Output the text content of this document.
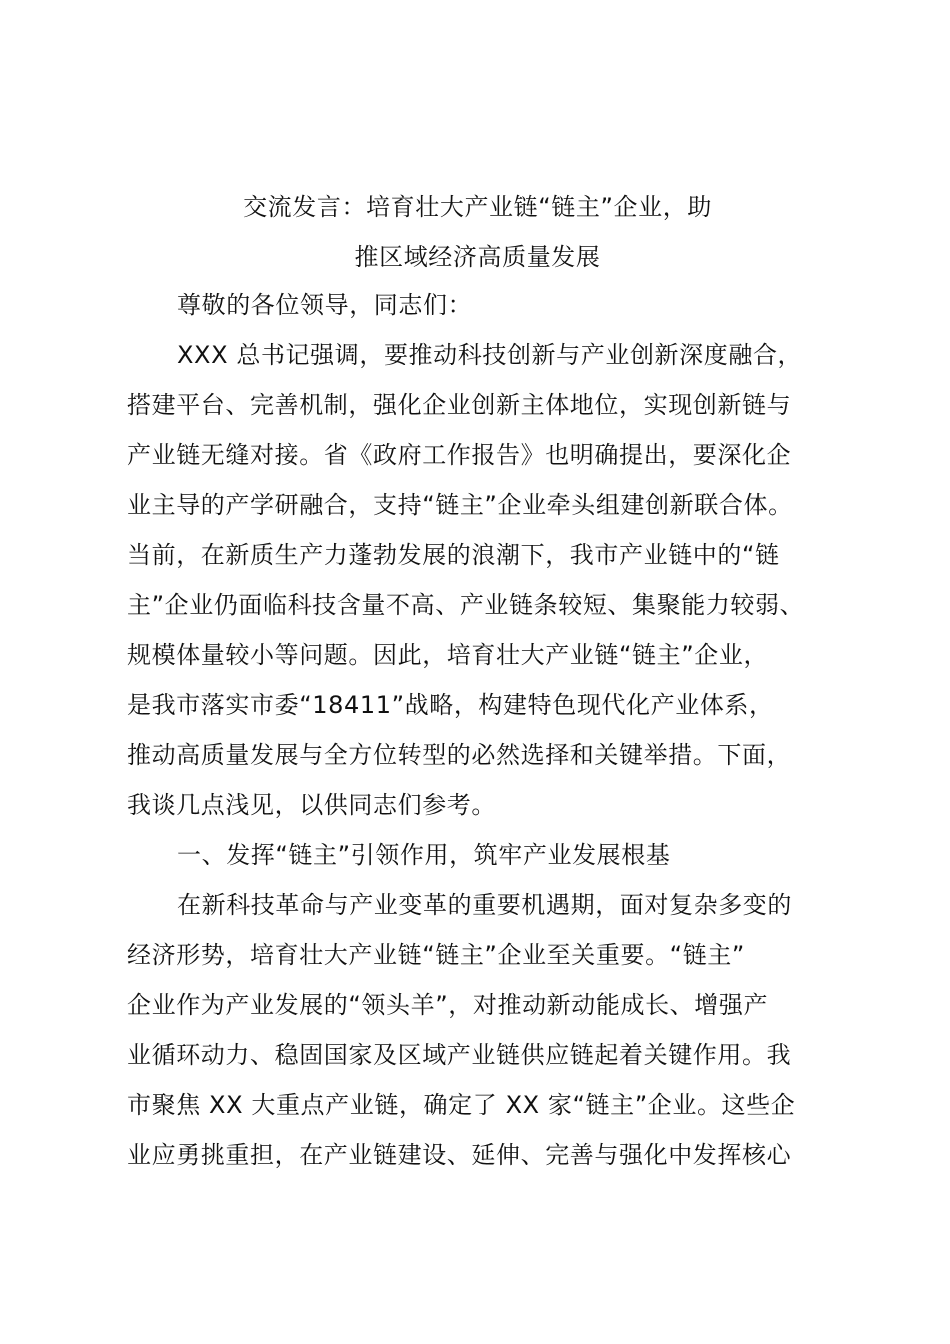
交流发言：培育壮大产业链“链主”企业，助
推区域经济高质量发展
尊敬的各位领导，同志们：
XXX 总书记强调，要推动科技创新与产业创新深度融合，
搭建平台、完善机制，强化企业创新主体地位，实现创新链与
产业链无缝对接。省《政府工作报告》也明确提出，要深化企
业主导的产学研融合，支持“链主”企业牵头组建创新联合体。
当前，在新质生产力蓬勃发展的浪潮下，我市产业链中的“链
主”企业仍面临科技含量不高、产业链条较短、集聚能力较弱、
规模体量较小等问题。因此，培育壮大产业链“链主”企业，
是我市落实市委“18411”战略，构建特色现代化产业体系，
推动高质量发展与全方位转型的必然选择和关键举措。下面，
我谈几点浅见，以供同志们参考。
一、发挥“链主”引领作用，筑牢产业发展根基
在新科技革命与产业变革的重要机遇期，面对复杂多变的
经济形势，培育壮大产业链“链主”企业至关重要。“链主”
企业作为产业发展的“领头羊”，对推动新动能成长、增强产
业循环动力、稳固国家及区域产业链供应链起着关键作用。我
市聚焦 XX 大重点产业链，确定了 XX 家“链主”企业。这些企
业应勇挑重担，在产业链建设、延伸、完善与强化中发挥核心
